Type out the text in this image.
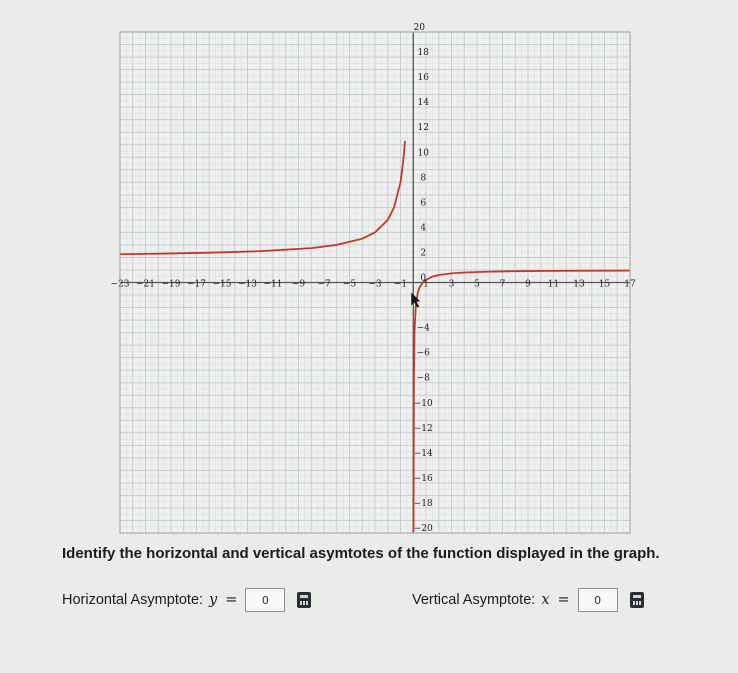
−23 −21 −19 −17 −15 −13 −11 −9 −7 −5 −3 −1 1 3 5 7 9 11 13 15 17
20
18
16
14
12
10
8
6
4
2
0
−4
−6
−8
−10
−12
−14
−16
−18
−20
Identify the horizontal and vertical asymtotes of the function displayed in the graph.
Horizontal Asymptote: y =
0	Vertical Asymptote: x =
0
